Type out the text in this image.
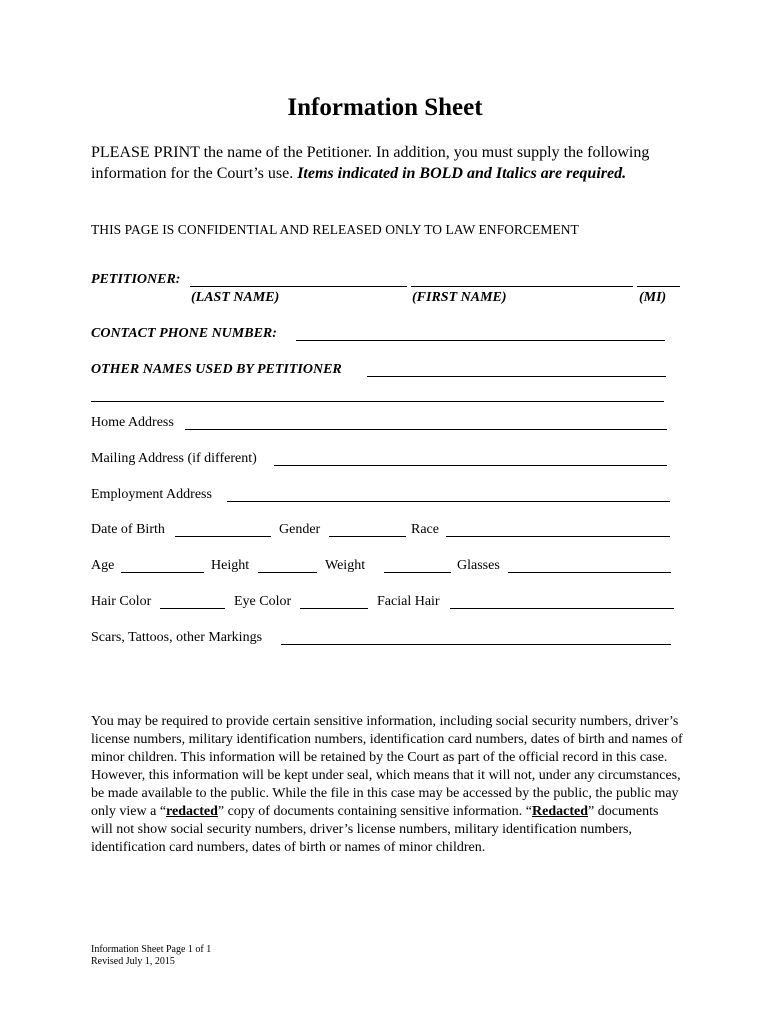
Information Sheet
PLEASE PRINT the name of the Petitioner. In addition, you must supply the following information for the Court’s use. Items indicated in BOLD and Italics are required.
THIS PAGE IS CONFIDENTIAL AND RELEASED ONLY TO LAW ENFORCEMENT
PETITIONER:
(LAST NAME)	(FIRST NAME)	(MI)
CONTACT PHONE NUMBER:
OTHER NAMES USED BY PETITIONER
Home Address
Mailing Address (if different)
Employment Address
Date of Birth	Gender	Race
Age	Height	Weight	Glasses
Hair Color	Eye Color	Facial Hair
Scars, Tattoos, other Markings
You may be required to provide certain sensitive information, including social security numbers, driver’s license numbers, military identification numbers, identification card numbers, dates of birth and names of minor children. This information will be retained by the Court as part of the official record in this case. However, this information will be kept under seal, which means that it will not, under any circumstances, be made available to the public. While the file in this case may be accessed by the public, the public may only view a “redacted” copy of documents containing sensitive information. “Redacted” documents will not show social security numbers, driver’s license numbers, military identification numbers, identification card numbers, dates of birth or names of minor children.
Information Sheet Page 1 of 1
Revised July 1, 2015
